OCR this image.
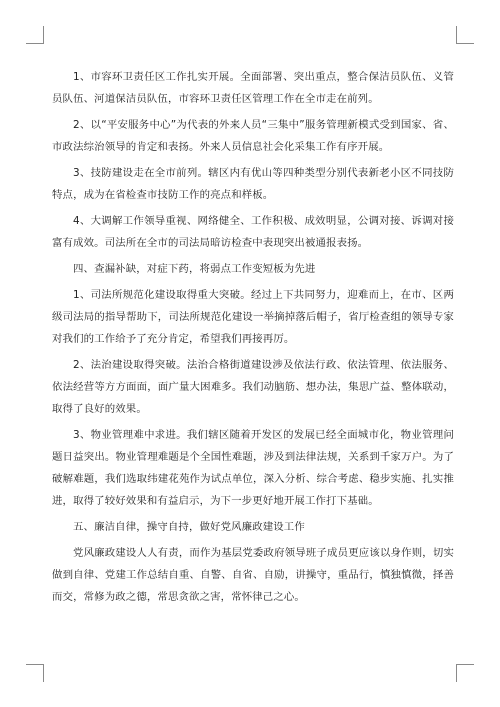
1、市容环卫责任区工作扎实开展。全面部署、突出重点，整合保洁员队伍、义管员队伍、河道保洁员队伍，市容环卫责任区管理工作在全市走在前列。

2、以“平安服务中心”为代表的外来人员“三集中”服务管理新模式受到国家、省、市政法综治领导的肯定和表扬。外来人员信息社会化采集工作有序开展。

3、技防建设走在全市前列。辖区内有优山等四种类型分别代表新老小区不同技防特点，成为在省检查市技防工作的亮点和样板。

4、大调解工作领导重视、网络健全、工作积极、成效明显，公调对接、诉调对接富有成效。司法所在全市的司法局暗访检查中表现突出被通报表扬。

四、查漏补缺，对症下药，将弱点工作变短板为先进

1、司法所规范化建设取得重大突破。经过上下共同努力，迎难而上，在市、区两级司法局的指导帮助下，司法所规范化建设一举摘掉落后帽子，省厅检查组的领导专家对我们的工作给予了充分肯定，希望我们再接再厉。

2、法治建设取得突破。法治合格街道建设涉及依法行政、依法管理、依法服务、依法经营等方方面面，面广量大困难多。我们动脑筋、想办法，集思广益、整体联动，取得了良好的效果。

3、物业管理难中求进。我们辖区随着开发区的发展已经全面城市化，物业管理问题日益突出。物业管理难题是个全国性难题，涉及到法律法规，关系到千家万户。为了破解难题，我们选取纬建花苑作为试点单位，深入分析、综合考虑、稳步实施、扎实推进，取得了较好效果和有益启示，为下一步更好地开展工作打下基础。

五、廉洁自律，操守自持，做好党风廉政建设工作

党风廉政建设人人有责，而作为基层党委政府领导班子成员更应该以身作则，切实做到自律、党建工作总结自重、自警、自省、自励，讲操守，重品行，慎独慎微，择善而交，常修为政之德，常思贪欲之害，常怀律己之心。
